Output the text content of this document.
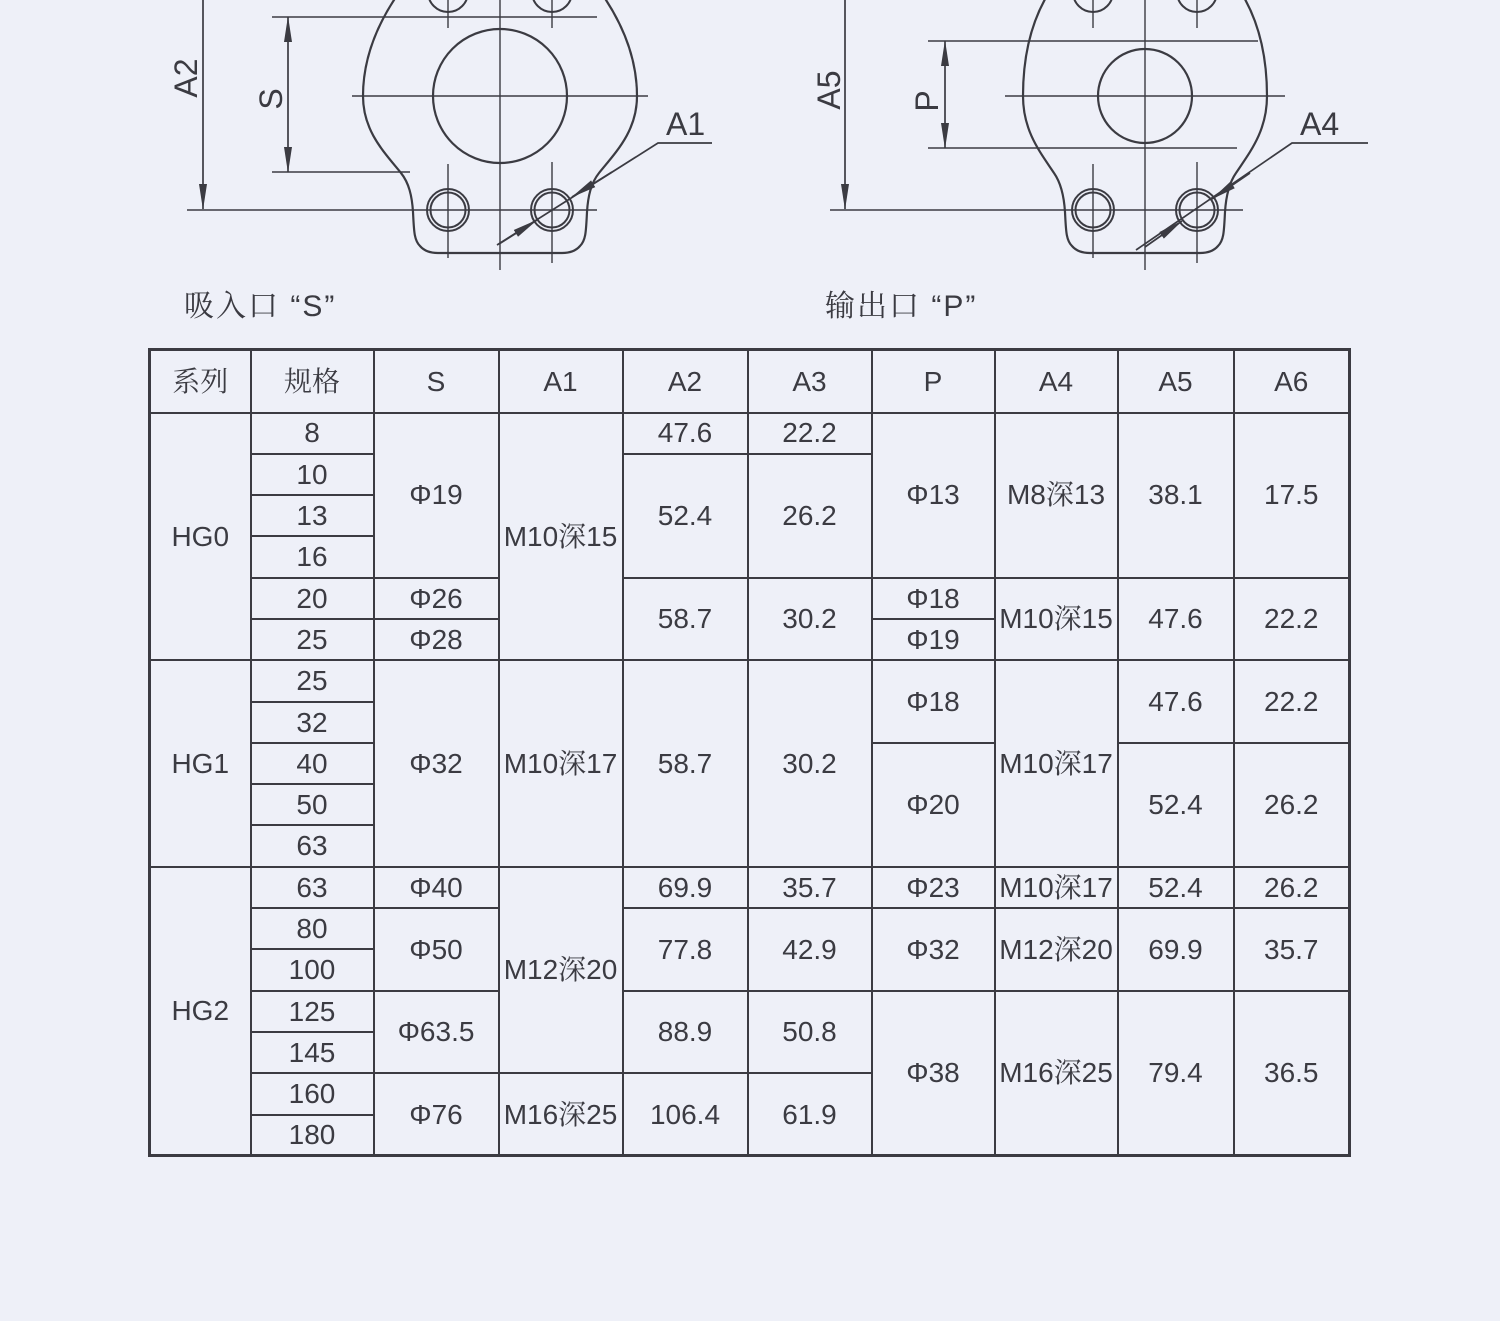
A2
S
A1
A5 P
A4
吸入口 “S”	输出口 “P”
系列	规格	S	A1	A2	A3	P	A4	A5	A6
HG0	8	Φ19	M10深15	47.6	22.2	Φ13	M8深13	38.1	17.5
	10			52.4	26.2				
	13								
	16								
	20	Φ26		58.7	30.2	Φ18	M10深15	47.6	22.2
	25	Φ28				Φ19			
HG1	25	Φ32	M10深17	58.7	30.2	Φ18	M10深17	47.6	22.2
	32								
	40					Φ20		52.4	26.2
	50								
	63								
HG2	63	Φ40	M12深20	69.9	35.7	Φ23	M10深17	52.4	26.2
	80	Φ50		77.8	42.9	Φ32	M12深20	69.9	35.7
	100								
	125	Φ63.5		88.9	50.8	Φ38	M16深25	79.4	36.5
	145								
	160	Φ76	M16深25	106.4	61.9				
	180								
